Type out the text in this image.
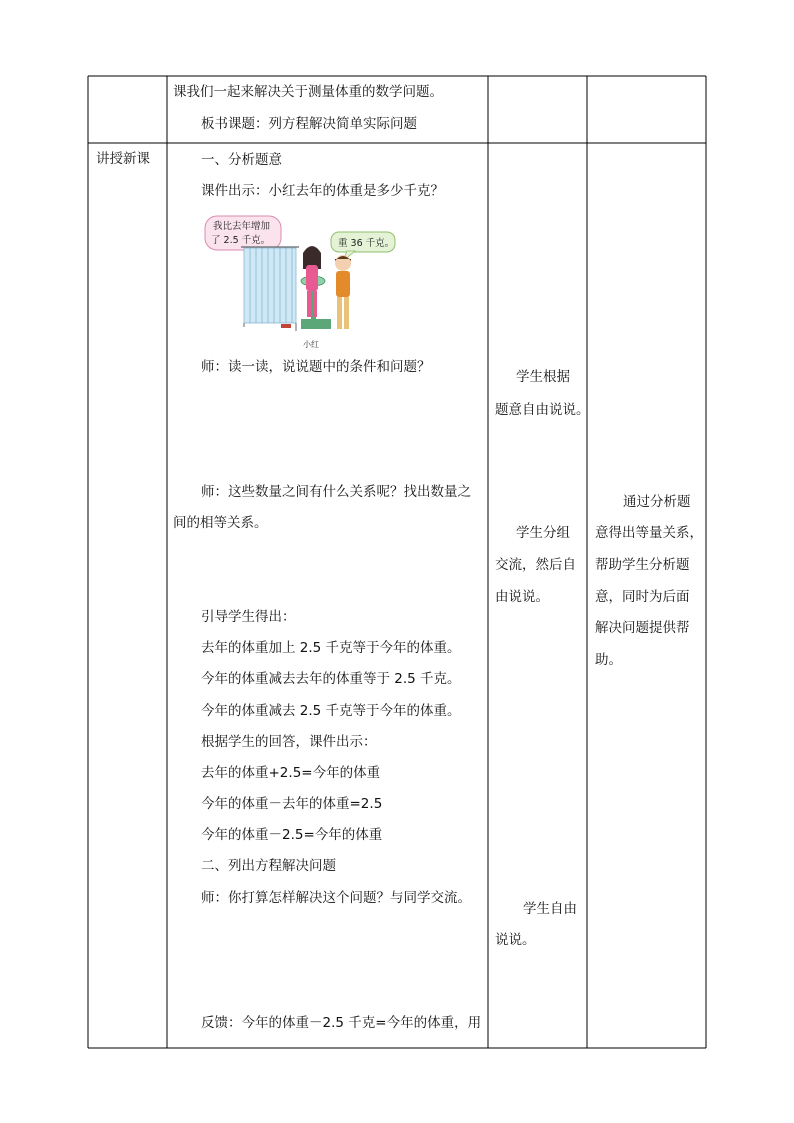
课我们一起来解决关于测量体重的数学问题。
板书课题：列方程解决简单实际问题
讲授新课	一、分析题意
课件出示：小红去年的体重是多少千克？
我比去年增加
了 2.5 千克。	重 36 千克。
小红
师：读一读，说说题中的条件和问题？
师：这些数量之间有什么关系呢？找出数量之
间的相等关系。
引导学生得出：
去年的体重加上 2.5 千克等于今年的体重。
今年的体重减去去年的体重等于 2.5 千克。
今年的体重减去 2.5 千克等于今年的体重。
根据学生的回答，课件出示：
去年的体重+2.5=今年的体重
今年的体重－去年的体重=2.5
今年的体重－2.5=今年的体重
二、列出方程解决问题
师：你打算怎样解决这个问题？与同学交流。
反馈：今年的体重－2.5 千克=今年的体重，用
学生根据
题意自由说说。
学生分组
交流，然后自
由说说。
学生自由
说说。
通过分析题
意得出等量关系，
帮助学生分析题
意，同时为后面
解决问题提供帮
助。
